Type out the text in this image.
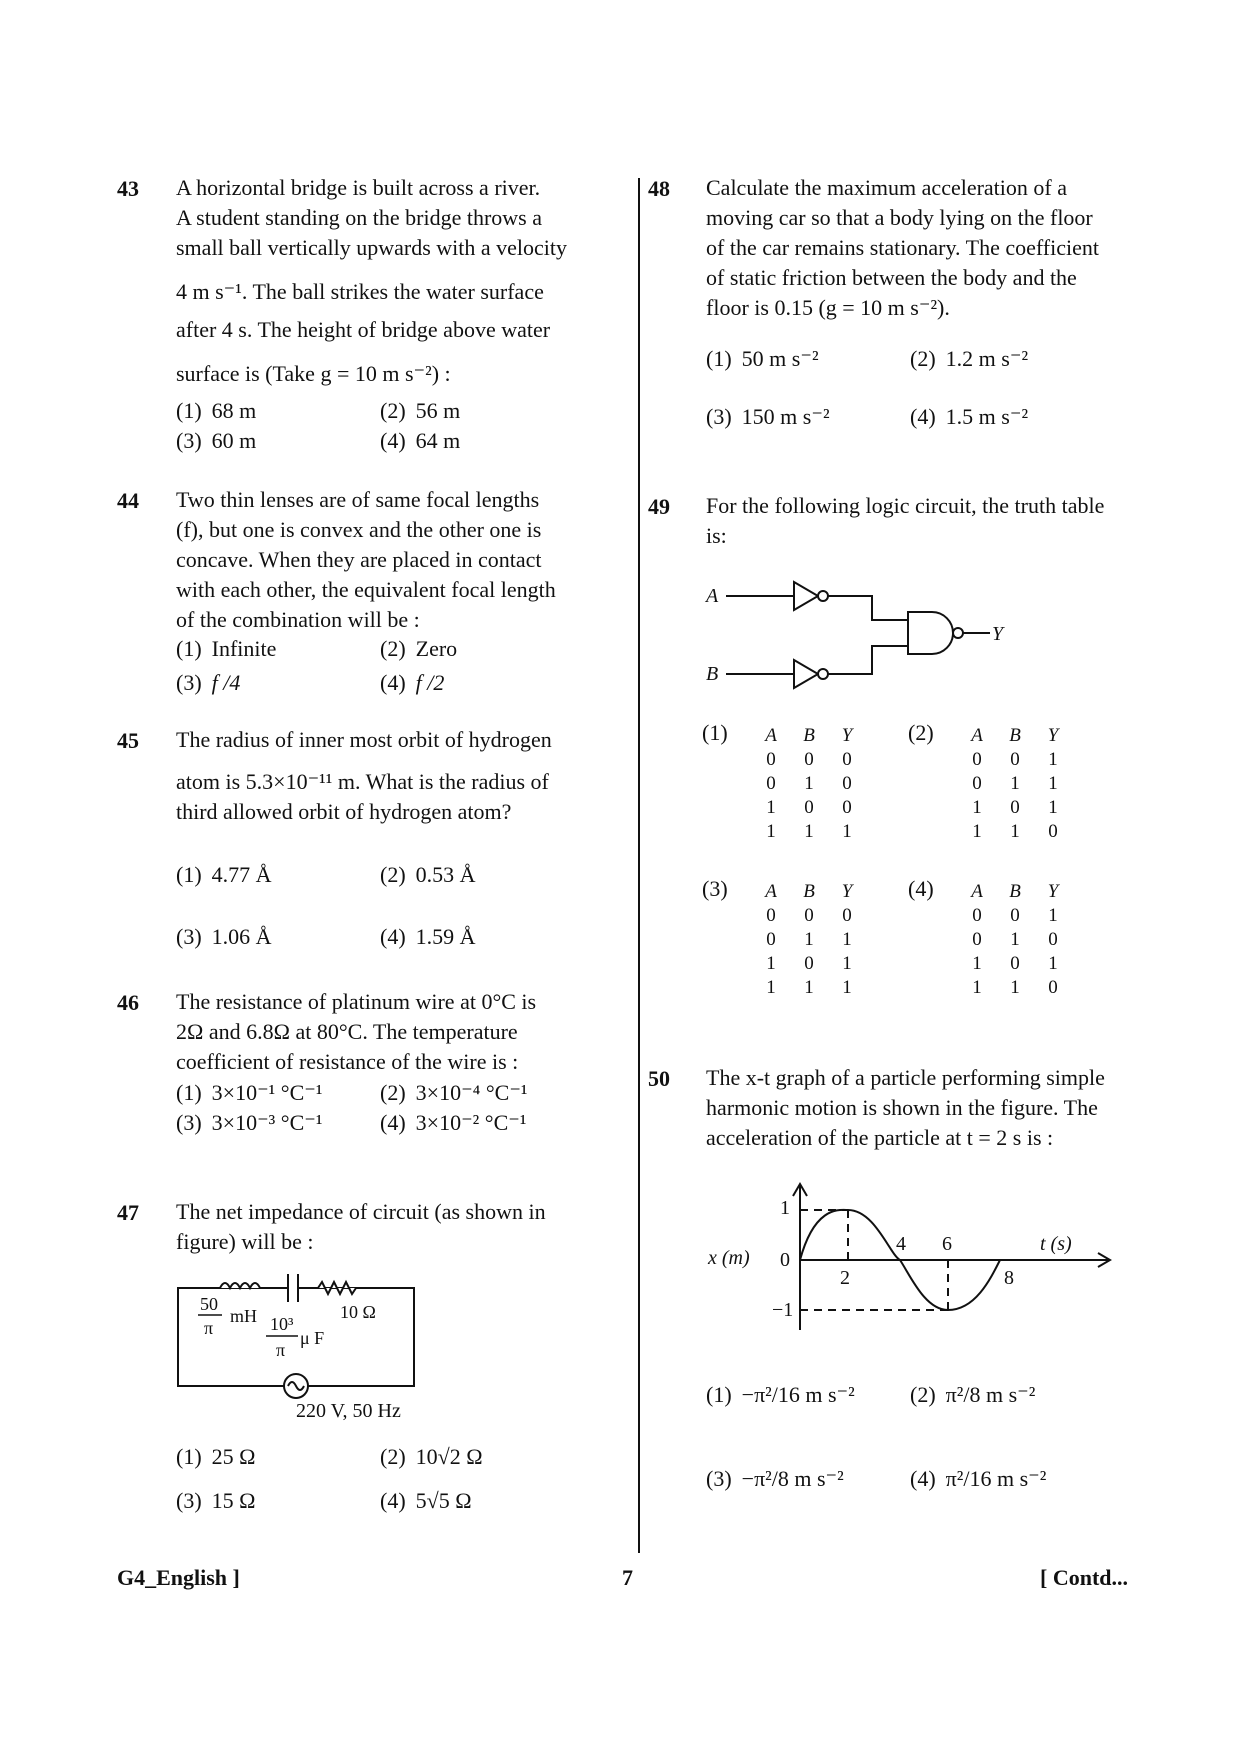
43 A horizontal bridge is built across a river.
A student standing on the bridge throws a
small ball vertically upwards with a velocity
4 m s⁻¹. The ball strikes the water surface
after 4 s. The height of bridge above water
surface is (Take g = 10 m s⁻²) :
(1) 68 m	(2) 56 m
(3) 60 m	(4) 64 m
44 Two thin lenses are of same focal lengths
(f), but one is convex and the other one is
concave. When they are placed in contact
with each other, the equivalent focal length
of the combination will be :
(1) Infinite	(2) Zero
(3) f /4	(4) f /2
45 The radius of inner most orbit of hydrogen
atom is 5.3×10⁻¹¹ m. What is the radius of
third allowed orbit of hydrogen atom?
(1) 4.77 Å	(2) 0.53 Å
(3) 1.06 Å	(4) 1.59 Å
46 The resistance of platinum wire at 0°C is
2Ω and 6.8Ω at 80°C. The temperature
coefficient of resistance of the wire is :
(1) 3×10⁻¹ °C⁻¹	(2) 3×10⁻⁴ °C⁻¹
(3) 3×10⁻³ °C⁻¹	(4) 3×10⁻² °C⁻¹
47 The net impedance of circuit (as shown in
figure) will be :
50
π
mH 10³
π
μ F
10 Ω
220 V, 50 Hz
(1) 25 Ω	(2) 10√2 Ω
(3) 15 Ω	(4) 5√5 Ω
48 Calculate the maximum acceleration of a
moving car so that a body lying on the floor
of the car remains stationary. The coefficient
of static friction between the body and the
floor is 0.15 (g = 10 m s⁻²).
(1) 50 m s⁻²	(2) 1.2 m s⁻²
(3) 150 m s⁻²	(4) 1.5 m s⁻²
49 For the following logic circuit, the truth table
is:
A
B
Y
(1) A	B	Y
0	0	0
0	1	0
1	0	0
1	1	1
(2) A	B	Y
0	0	1
0	1	1
1	0	1
1	1	0
(3) A	B	Y
0	0	0
0	1	1
1	0	1
1	1	1
(4) A	B	Y
0	0	1
0	1	0
1	0	1
1	1	0
50 The x-t graph of a particle performing simple
harmonic motion is shown in the figure. The
acceleration of the particle at t = 2 s is :
1
0
−1
2
4 6
8
x (m)
t (s)
(1) −π²/16 m s⁻²	(2) π²/8 m s⁻²
(3) −π²/8 m s⁻²	(4) π²/16 m s⁻²
G4_English ]	7	[ Contd...
